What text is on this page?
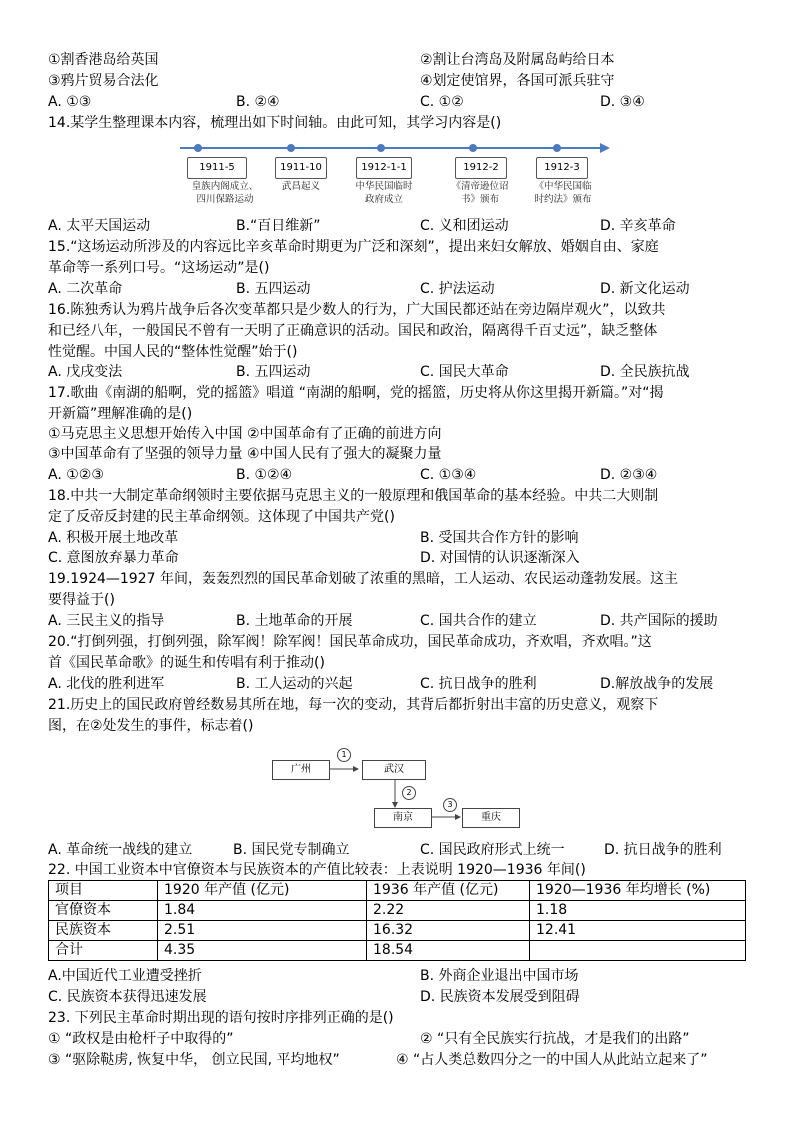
①割香港岛给英国	②割让台湾岛及附属岛屿给日本
③鸦片贸易合法化	④划定使馆界，各国可派兵驻守
A. ①③	B. ②④	C. ①②	D. ③④
14.某学生整理课本内容，梳理出如下时间轴。由此可知，其学习内容是()
1911-5	1911-10	1912-1-1	1912-2	1912-3
皇族内阁成立、
四川保路运动
武昌起义	中华民国临时
政府成立
《清帝逊位诏
书》颁布
《中华民国临
时约法》颁布
A. 太平天国运动	B.“百日维新”	C. 义和团运动	D. 辛亥革命
15.“这场运动所涉及的内容远比辛亥革命时期更为广泛和深刻”，提出来妇女解放、婚姻自由、家庭
革命等一系列口号。“这场运动”是()
A. 二次革命	B. 五四运动	C. 护法运动	D. 新文化运动
16.陈独秀认为鸦片战争后各次变革都只是少数人的行为，广大国民都还站在旁边隔岸观火”，以致共
和已经八年，一般国民不曾有一天明了正确意识的活动。国民和政治，隔离得千百丈远”，缺乏整体
性觉醒。中国人民的“整体性觉醒”始于()
A. 戊戌变法	B. 五四运动	C. 国民大革命	D. 全民族抗战
17.歌曲《南湖的船啊，党的摇篮》唱道 “南湖的船啊，党的摇篮，历史将从你这里揭开新篇。”对“揭
开新篇”理解准确的是()
①马克思主义思想开始传入中国 ②中国革命有了正确的前进方向
③中国革命有了坚强的领导力量 ④中国人民有了强大的凝聚力量
A. ①②③	B. ①②④	C. ①③④	D. ②③④
18.中共一大制定革命纲领时主要依据马克思主义的一般原理和俄国革命的基本经验。中共二大则制
定了反帝反封建的民主革命纲领。这体现了中国共产党()
A. 积极开展土地改革	B. 受国共合作方针的影响
C. 意图放弃暴力革命	D. 对国情的认识逐渐深入
19.1924—1927 年间，轰轰烈烈的国民革命划破了浓重的黑暗，工人运动、农民运动蓬勃发展。这主
要得益于()
A. 三民主义的指导	B. 土地革命的开展	C. 国共合作的建立	D. 共产国际的援助
20.“打倒列强，打倒列强，除军阀！除军阀！国民革命成功，国民革命成功，齐欢唱，齐欢唱。”这
首《国民革命歌》的诞生和传唱有利于推动()
A. 北伐的胜利进军	B. 工人运动的兴起	C. 抗日战争的胜利	D.解放战争的发展
21.历史上的国民政府曾经数易其所在地，每一次的变动，其背后都折射出丰富的历史意义，观察下
图，在②处发生的事件，标志着()
广州	武汉
南京	重庆
1
2
3
A. 革命统一战线的建立	B. 国民党专制确立	C. 国民政府形式上统一	D. 抗日战争的胜利
22. 中国工业资本中官僚资本与民族资本的产值比较表：上表说明 1920—1936 年间()
项目	1920 年产值 (亿元)	1936 年产值 (亿元)	1920—1936 年均增长 (%)
官僚资本	1.84	2.22	1.18
民族资本	2.51	16.32	12.41
合计	4.35	18.54	
A.中国近代工业遭受挫折	B. 外商企业退出中国市场
C. 民族资本获得迅速发展	D. 民族资本发展受到阻碍
23. 下列民主革命时期出现的语句按时序排列正确的是()
① “政权是由枪杆子中取得的”	② “只有全民族实行抗战，才是我们的出路”
③ “驱除鞑虏, 恢复中华， 创立民国, 平均地权”	④ “占人类总数四分之一的中国人从此站立起来了”
